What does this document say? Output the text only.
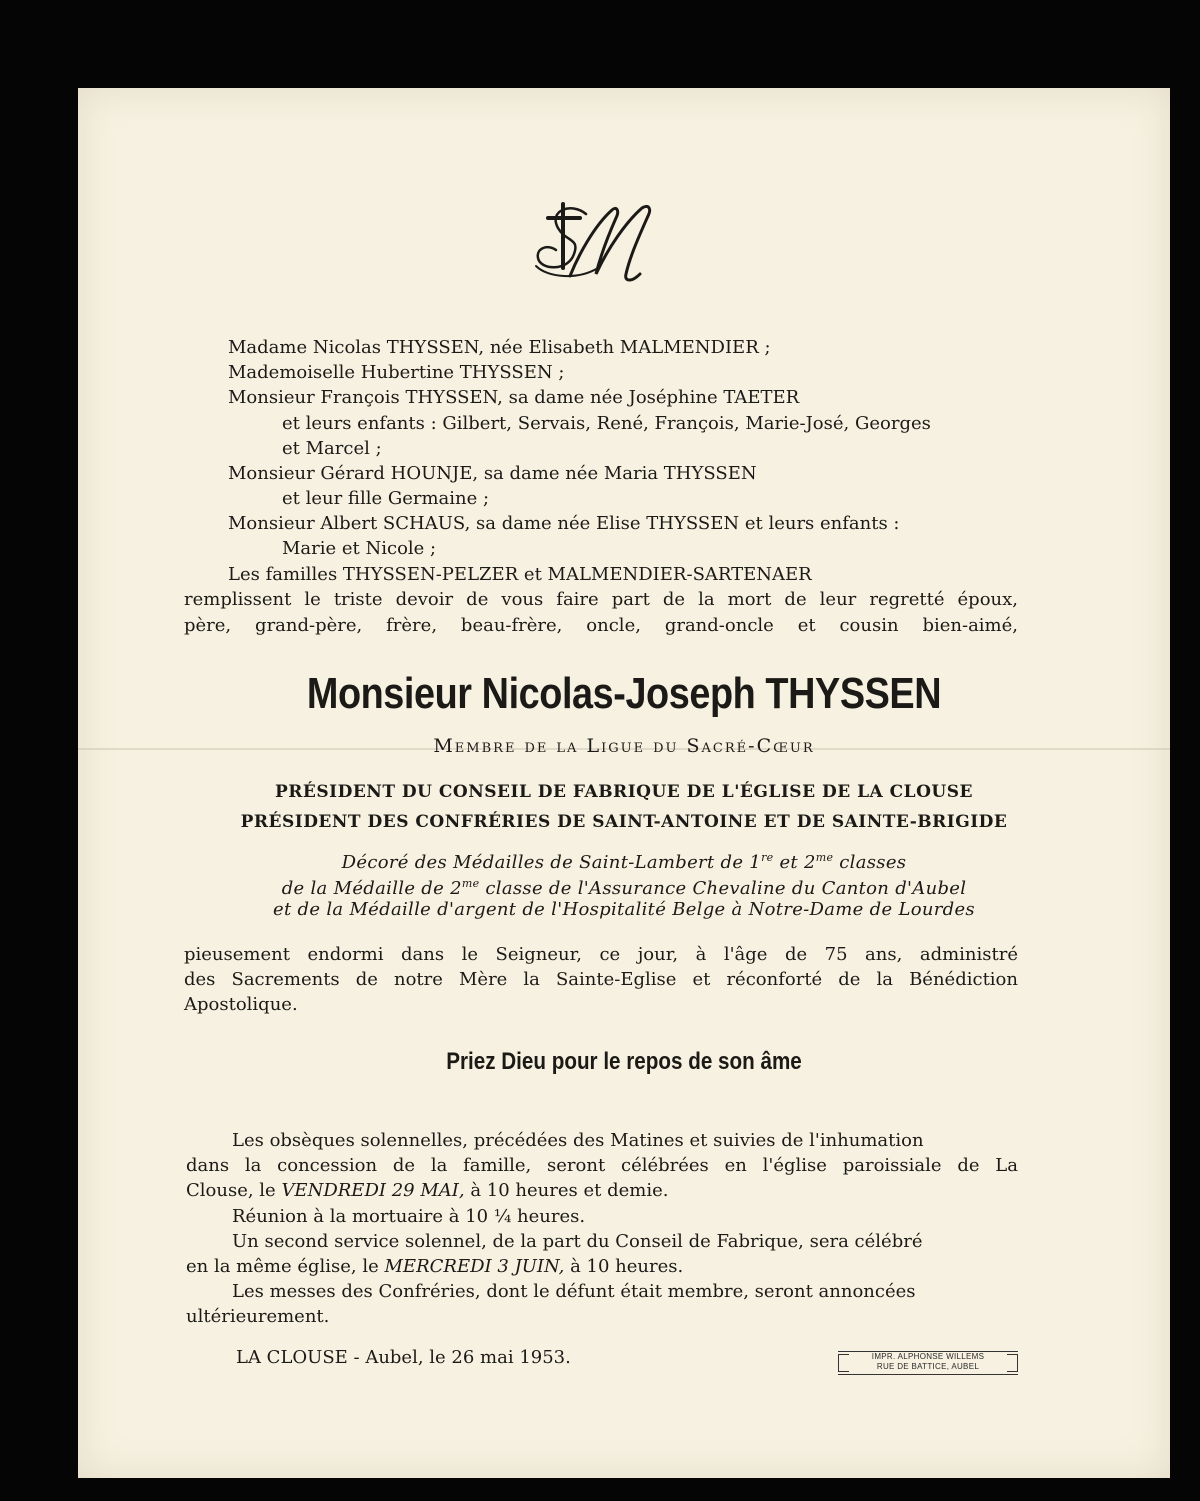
Madame Nicolas THYSSEN, née Elisabeth MALMENDIER ;

Mademoiselle Hubertine THYSSEN ;

Monsieur François THYSSEN, sa dame née Joséphine TAETER

et leurs enfants : Gilbert, Servais, René, François, Marie-José, Georges

et Marcel ;

Monsieur Gérard HOUNJE, sa dame née Maria THYSSEN

et leur fille Germaine ;

Monsieur Albert SCHAUS, sa dame née Elise THYSSEN et leurs enfants :

Marie et Nicole ;

Les familles THYSSEN-PELZER et MALMENDIER-SARTENAER

remplissent le triste devoir de vous faire part de la mort de leur regretté époux,

père, grand-père, frère, beau-frère, oncle, grand-oncle et cousin bien-aimé,

Monsieur Nicolas-Joseph THYSSEN

Membre de la Ligue du Sacré-Cœur

PRÉSIDENT DU CONSEIL DE FABRIQUE DE L'ÉGLISE DE LA CLOUSE

PRÉSIDENT DES CONFRÉRIES DE SAINT-ANTOINE ET DE SAINTE-BRIGIDE

Décoré des Médailles de Saint-Lambert de 1re et $2^{me}$ classes

de la Médaille de $2^{me}$ classe de l'Assurance Chevaline du Canton d'Aubel

et de la Médaille d'argent de l'Hospitalité Belge à Notre-Dame de Lourdes

pieusement endormi dans le Seigneur, ce jour, à l'âge de 75 ans, administré

des Sacrements de notre Mère la Sainte-Eglise et réconforté de la Bénédiction

Apostolique.

Priez Dieu pour le repos de son âme

Les obsèques solennelles, précédées des Matines et suivies de l'inhumation

dans la concession de la famille, seront célébrées en l'église paroissiale de La

Clouse, le VENDREDI 29 MAI, à 10 heures et demie.

Réunion à la mortuaire à 10 ¼ heures.

Un second service solennel, de la part du Conseil de Fabrique, sera célébré

en la même église, le MERCREDI 3 JUIN, à 10 heures.

Les messes des Confréries, dont le défunt était membre, seront annoncées

ultérieurement.

LA CLOUSE - Aubel, le 26 mai 1953.	IMPR. ALPHONSE WILLEMS
RUE DE BATTICE, AUBEL
